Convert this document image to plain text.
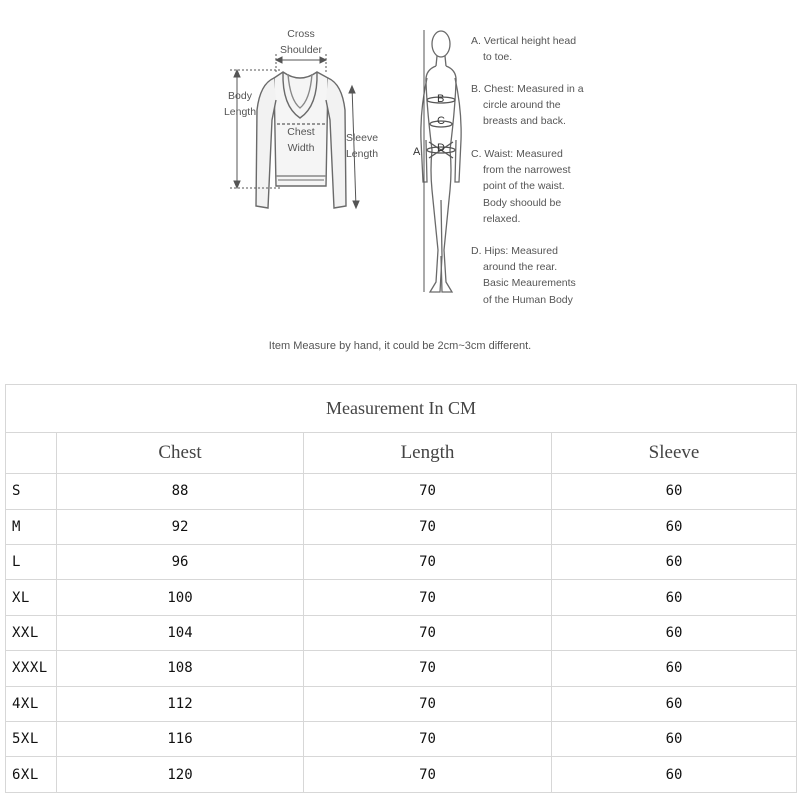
Cross
Shoulder
Body
Length
Chest
Width
Sleeve
Length	A
B
C
D
A. Vertical height head
to toe.
B. Chest: Measured in a
circle around the
breasts and back.
C. Waist: Measured
from the narrowest
point of the waist.
Body shoould be
relaxed.
D. Hips: Measured
around the rear.
Basic Meaurements
of the Human Body
Item Measure by hand, it could be 2cm~3cm different.
Measurement In CM			
	Chest	Length	Sleeve
S	88	70	60
M	92	70	60
L	96	70	60
XL	100	70	60
XXL	104	70	60
XXXL	108	70	60
4XL	112	70	60
5XL	116	70	60
6XL	120	70	60
